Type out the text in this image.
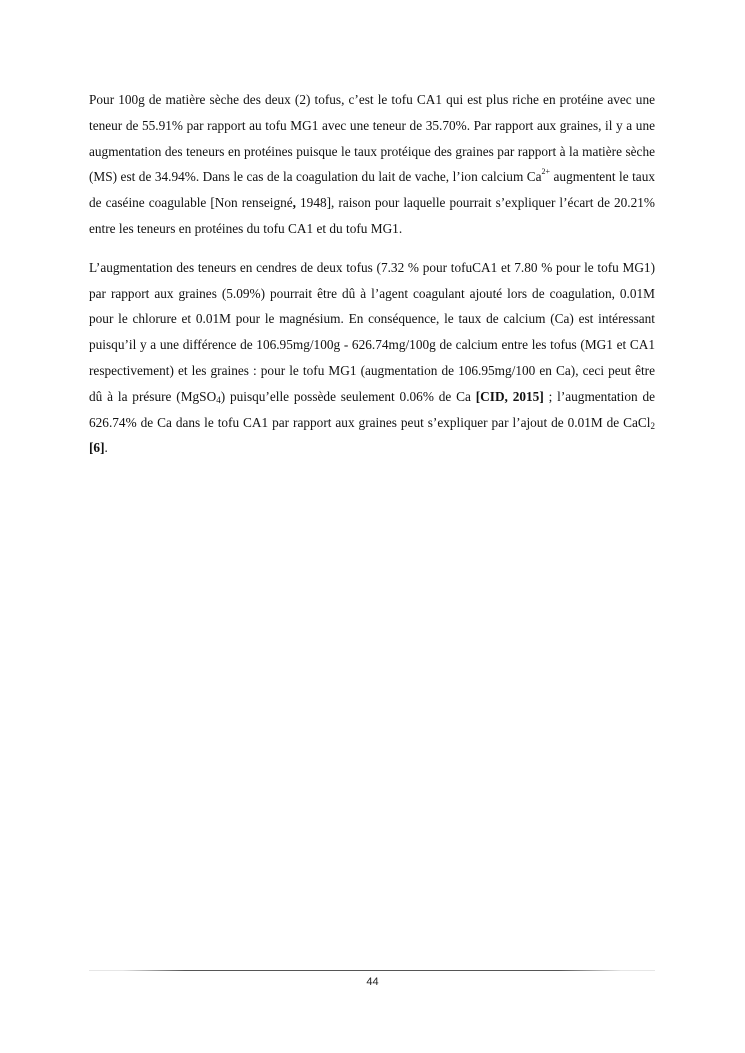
Pour 100g de matière sèche des deux (2) tofus, c’est le tofu CA1 qui est plus riche en protéine avec une teneur de 55.91% par rapport au tofu MG1 avec une teneur de 35.70%. Par rapport aux graines, il y a une augmentation des teneurs en protéines puisque le taux protéique des graines par rapport à la matière sèche (MS) est de 34.94%. Dans le cas de la coagulation du lait de vache, l’ion calcium $Ca^{2+}$ augmentent le taux de caséine coagulable [Non renseigné, 1948], raison pour laquelle pourrait s’expliquer l’écart de 20.21% entre les teneurs en protéines du tofu CA1 et du tofu MG1.

L’augmentation des teneurs en cendres de deux tofus (7.32 % pour tofuCA1 et 7.80 % pour le tofu MG1) par rapport aux graines (5.09%) pourrait être dû à l’agent coagulant ajouté lors de coagulation, 0.01M pour le chlorure et 0.01M pour le magnésium. En conséquence, le taux de calcium (Ca) est intéressant puisqu’il y a une différence de 106.95mg/100g - 626.74mg/100g de calcium entre les tofus (MG1 et CA1 respectivement) et les graines : pour le tofu MG1 (augmentation de 106.95mg/100 en Ca), ceci peut être dû à la présure (MgSO$_4$) puisqu’elle possède seulement 0.06% de Ca [CID, 2015] ; l’augmentation de 626.74% de Ca dans le tofu CA1 par rapport aux graines peut s’expliquer par l’ajout de 0.01M de CaCl$_2$ [6].

44
